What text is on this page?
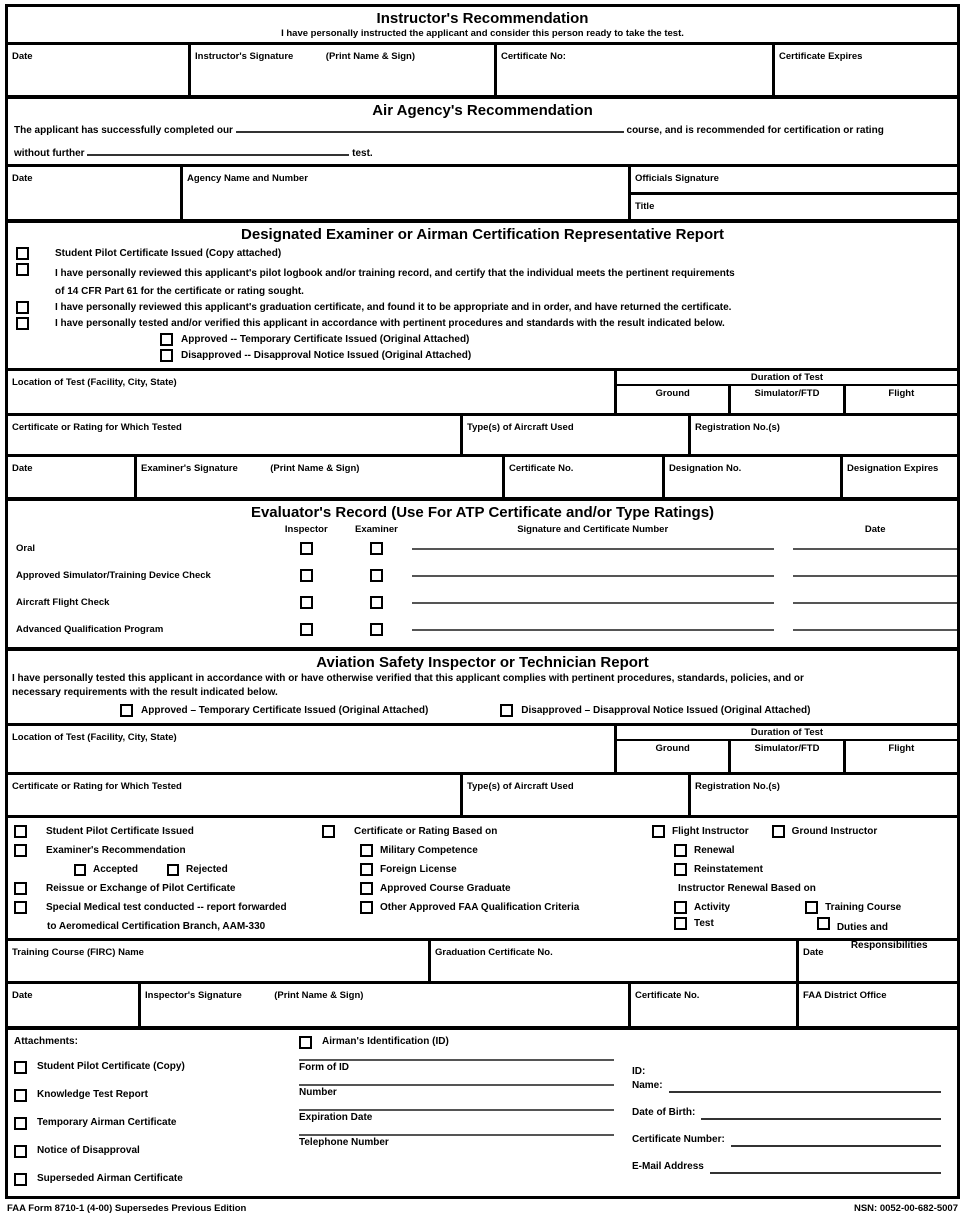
Instructor's Recommendation
I have personally instructed the applicant and consider this person ready to take the test.
Date	Instructor's Signature	(Print Name & Sign)	Certificate No:	Certificate Expires
Air Agency's Recommendation
The applicant has successfully completed our	course, and is recommended for certification or rating
without further	test.
Date	Agency Name and Number	Officials Signature
Title
Designated Examiner or Airman Certification Representative Report
Student Pilot Certificate Issued (Copy attached)
I have personally reviewed this applicant's pilot logbook and/or training record, and certify that the individual meets the pertinent requirements
of 14 CFR Part 61 for the certificate or rating sought.
I have personally reviewed this applicant's graduation certificate, and found it to be appropriate and in order, and have returned the certificate.
I have personally tested and/or verified this applicant in accordance with pertinent procedures and standards with the result indicated below.
Approved -- Temporary Certificate Issued (Original Attached)
Disapproved -- Disapproval Notice Issued (Original Attached)
Location of Test (Facility, City, State)	Duration of Test
Ground	Simulator/FTD	Flight
Certificate or Rating for Which Tested	Type(s) of Aircraft Used	Registration No.(s)
Date	Examiner's Signature	(Print Name & Sign)	Certificate No.	Designation No.	Designation Expires
Evaluator's Record (Use For ATP Certificate and/or Type Ratings)
Inspector	Examiner	Signature and Certificate Number	Date
Oral
Approved Simulator/Training Device Check
Aircraft Flight Check
Advanced Qualification Program
Aviation Safety Inspector or Technician Report
I have personally tested this applicant in accordance with or have otherwise verified that this applicant complies with pertinent procedures, standards, policies, and or
necessary requirements with the result indicated below.
Approved – Temporary Certificate Issued (Original Attached)	Disapproved – Disapproval Notice Issued (Original Attached)
Location of Test (Facility, City, State)	Duration of Test
Ground	Simulator/FTD	Flight
Certificate or Rating for Which Tested	Type(s) of Aircraft Used	Registration No.(s)
Student Pilot Certificate Issued
Examiner's Recommendation
Accepted	Rejected
Reissue or Exchange of Pilot Certificate
Special Medical test conducted -- report forwarded
to Aeromedical Certification Branch, AAM-330
Certificate or Rating Based on
Military Competence
Foreign License
Approved Course Graduate
Other Approved FAA Qualification Criteria
Flight Instructor	Ground Instructor
Renewal
Reinstatement
Instructor Renewal Based on
Activity	Training Course
Test	Duties and
Responsibilities
Training Course (FIRC) Name	Graduation Certificate No.	Date
Date	Inspector's Signature	(Print Name & Sign)	Certificate No.	FAA District Office
Attachments:
Student Pilot Certificate (Copy)
Knowledge Test Report
Temporary Airman Certificate
Notice of Disapproval
Superseded Airman Certificate
Airman's Identification (ID)
Form of ID
Number
Expiration Date
Telephone Number
ID:
Name:
Date of Birth:
Certificate Number:
E-Mail Address
FAA Form 8710-1 (4-00) Supersedes Previous Edition	NSN: 0052-00-682-5007
